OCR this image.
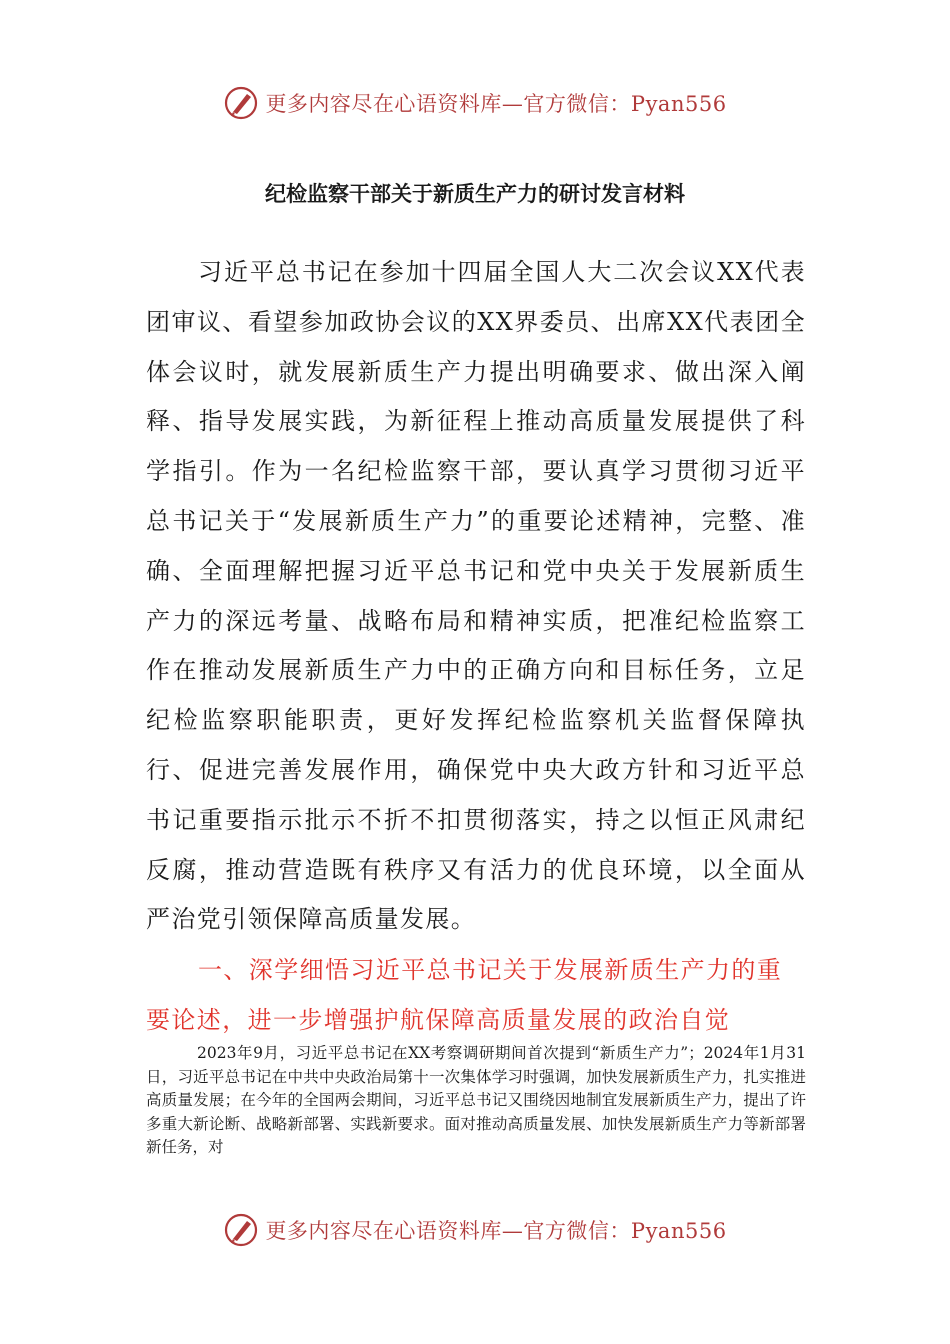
更多内容尽在心语资料库—官方微信：Pyan556
纪检监察干部关于新质生产力的研讨发言材料

习近平总书记在参加十四届全国人大二次会议XX代表团审议、看望参加政协会议的XX界委员、出席XX代表团全体会议时，就发展新质生产力提出明确要求、做出深入阐释、指导发展实践，为新征程上推动高质量发展提供了科学指引。作为一名纪检监察干部，要认真学习贯彻习近平总书记关于“发展新质生产力”的重要论述精神，完整、准确、全面理解把握习近平总书记和党中央关于发展新质生产力的深远考量、战略布局和精神实质，把准纪检监察工作在推动发展新质生产力中的正确方向和目标任务，立足纪检监察职能职责，更好发挥纪检监察机关监督保障执行、促进完善发展作用，确保党中央大政方针和习近平总书记重要指示批示不折不扣贯彻落实，持之以恒正风肃纪反腐，推动营造既有秩序又有活力的优良环境，以全面从严治党引领保障高质量发展。

一、深学细悟习近平总书记关于发展新质生产力的重要论述，进一步增强护航保障高质量发展的政治自觉

2023年9月，习近平总书记在XX考察调研期间首次提到“新质生产力”；2024年1月31日，习近平总书记在中共中央政治局第十一次集体学习时强调，加快发展新质生产力，扎实推进高质量发展；在今年的全国两会期间，习近平总书记又围绕因地制宜发展新质生产力，提出了许多重大新论断、战略新部署、实践新要求。面对推动高质量发展、加快发展新质生产力等新部署新任务，对

更多内容尽在心语资料库—官方微信：Pyan556
